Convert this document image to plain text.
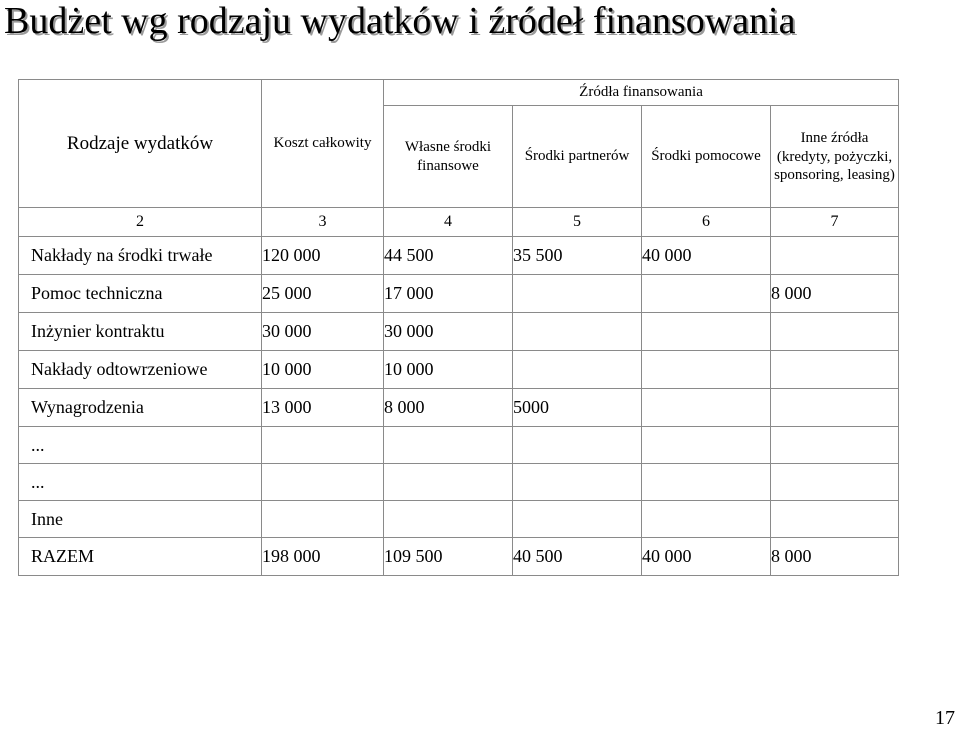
Budżet wg rodzaju wydatków i źródeł finansowania
Rodzaje wydatków	Koszt całkowity	Źródła finansowania			
		Własne środki finansowe	Środki partnerów	Środki pomocowe	Inne źródła
(kredyty, pożyczki, sponsoring, leasing)

2	3	4	5	6	7
Nakłady na środki trwałe	120 000	44 500	35 500	40 000	
Pomoc techniczna	25 000	17 000			8 000
Inżynier kontraktu	30 000	30 000			
Nakłady odtowrzeniowe	10 000	10 000			
Wynagrodzenia	13 000	8 000	5000		
...					
...					
Inne					
RAZEM	198 000	109 500	40 500	40 000	8 000
17
